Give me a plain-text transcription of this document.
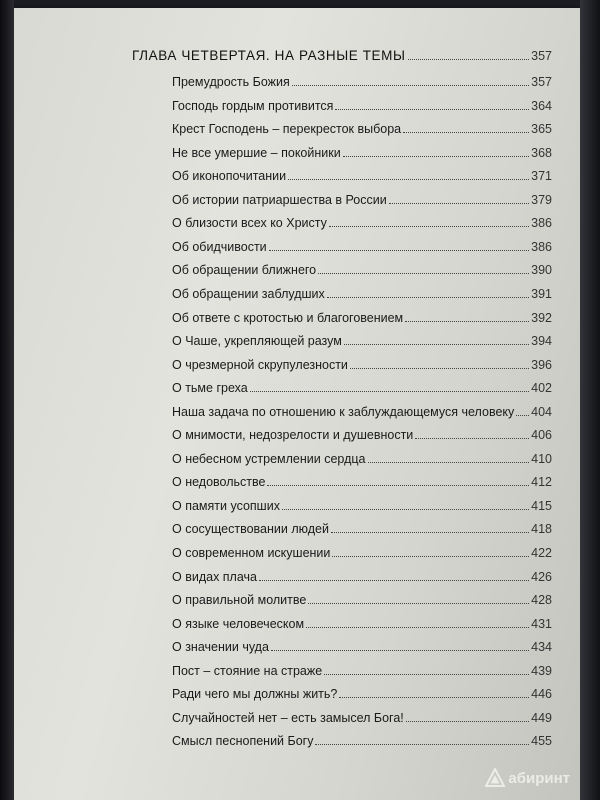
ГЛАВА ЧЕТВЕРТАЯ. НА РАЗНЫЕ ТЕМЫ	357
Премудрость Божия	357
Господь гордым противится	364
Крест Господень – перекресток выбора	365
Не все умершие – покойники	368
Об иконопочитании	371
Об истории патриаршества в России	379
О близости всех ко Христу	386
Об обидчивости	386
Об обращении ближнего	390
Об обращении заблудших	391
Об ответе с кротостью и благоговением	392
О Чаше, укрепляющей разум	394
О чрезмерной скрупулезности	396
О тьме греха	402
Наша задача по отношению к заблуждающемуся человеку 404
О мнимости, недозрелости и душевности	406
О небесном устремлении сердца	410
О недовольстве	412
О памяти усопших	415
О сосуществовании людей	418
О современном искушении	422
О видах плача	426
О правильной молитве	428
О языке человеческом	431
О значении чуда	434
Пост – стояние на страже	439
Ради чего мы должны жить?	446
Случайностей нет – есть замысел Бога!	449
Смысл песнопений Богу	455
абиринт
